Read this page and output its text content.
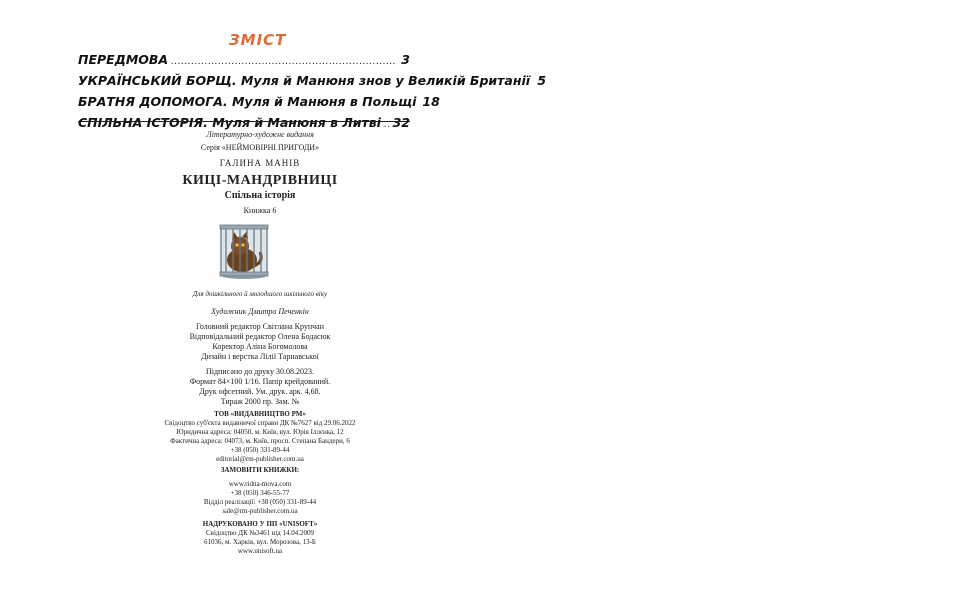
ЗМІСТ
ПЕРЕДМОВА .....	3
УКРАЇНСЬКИЙ БОРЩ. Муля й Манюня знов у Великій Британії 5
БРАТНЯ ДОПОМОГА. Муля й Манюня в Польщі 18
СПІЛЬНА ІСТОРІЯ. Муля й Манюня в Литві ..... 32
Літературно-художнє видання
Серія «НЕЙМОВІРНІ ПРИГОДИ»
ГАЛИНА МАНІВ
КИЦІ-МАНДРІВНИЦІ
Спільна історія
Книжка 6
Для дошкільного й молодшого шкільного віку
Художник Дмитро Печенкін
Головний редактор Світлана Крупчан
Відповідальний редактор Олена Бодасюк
Коректор Аліна Богомолова
Дизайн і верстка Лілії Тарнавської
Підписано до друку 30.08.2023.
Формат 84×100 1/16. Папір крейдований.
Друк офсетний. Ум. друк. арк. 4,68.
Тираж 2000 пр. Зам. №
ТОВ «ВИДАВНИЦТВО РМ»
Свідоцтво суб'єкта видавничої справи ДК №7627 від 29.06.2022
Юридична адреса: 04050, м. Київ, вул. Юрія Іллєнка, 12
Фактична адреса: 04073, м. Київ, просп. Степана Бандери, 6
+38 (050) 331-89-44
editorial@rm-publisher.com.ua
ЗАМОВИТИ КНИЖКИ:
www.ridna-mova.com
+38 (050) 346-55-77
Відділ реалізації: +38 (050) 331-89-44
sale@rm-publisher.com.ua
НАДРУКОВАНО У ПП «UNISOFT»
Свідоцтво ДК №3461 від 14.04.2009
61036, м. Харків, вул. Морозова, 13-Б
www.unisoft.ua
